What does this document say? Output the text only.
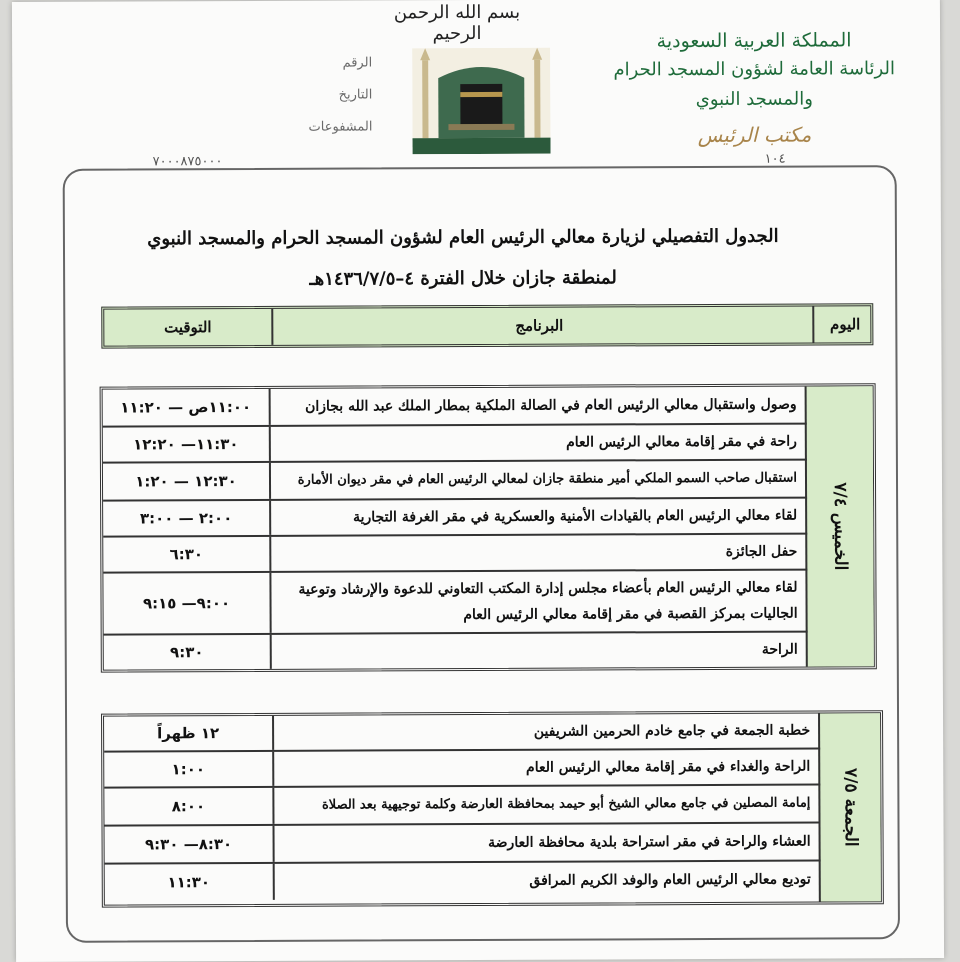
الرقم
التاريخ
المشفوعات
بسم الله الرحمن الرحيم	المملكة العربية السعودية
الرئاسة العامة لشؤون المسجد الحرام والمسجد النبوي
مكتب الرئيس
٧٠٠٠٨٧٥٠٠٠	١٠٤
الجدول التفصيلي لزيارة معالي الرئيس العام لشؤون المسجد الحرام والمسجد النبوي
لمنطقة جازان خلال الفترة ٤–١٤٣٦/٧/٥هـ
اليوم
البرنامج
التوقيت
الخميس ٧/٤
وصول واستقبال معالي الرئيس العام في الصالة الملكية بمطار الملك عبد الله بجازان
١١:٠٠ص — ١١:٢٠
راحة في مقر إقامة معالي الرئيس العام
١١:٣٠— ١٢:٢٠
استقبال صاحب السمو الملكي أمير منطقة جازان لمعالي الرئيس العام في مقر ديوان الأمارة
١٢:٣٠ — ١:٢٠
لقاء معالي الرئيس العام بالقيادات الأمنية والعسكرية في مقر الغرفة التجارية
٢:٠٠ — ٣:٠٠
حفل الجائزة
٦:٣٠
لقاء معالي الرئيس العام بأعضاء مجلس إدارة المكتب التعاوني للدعوة والإرشاد وتوعية الجاليات بمركز القصبة في مقر إقامة معالي الرئيس العام
٩:٠٠— ٩:١٥
الراحة
٩:٣٠
الجمعة ٧/٥
خطبة الجمعة في جامع خادم الحرمين الشريفين
١٢ ظهراً
الراحة والغداء في مقر إقامة معالي الرئيس العام
١:٠٠
إمامة المصلين في جامع معالي الشيخ أبو حيمد بمحافظة العارضة وكلمة توجيهية بعد الصلاة
٨:٠٠
العشاء والراحة في مقر استراحة بلدية محافظة العارضة
٨:٣٠— ٩:٣٠
توديع معالي الرئيس العام والوفد الكريم المرافق
١١:٣٠
